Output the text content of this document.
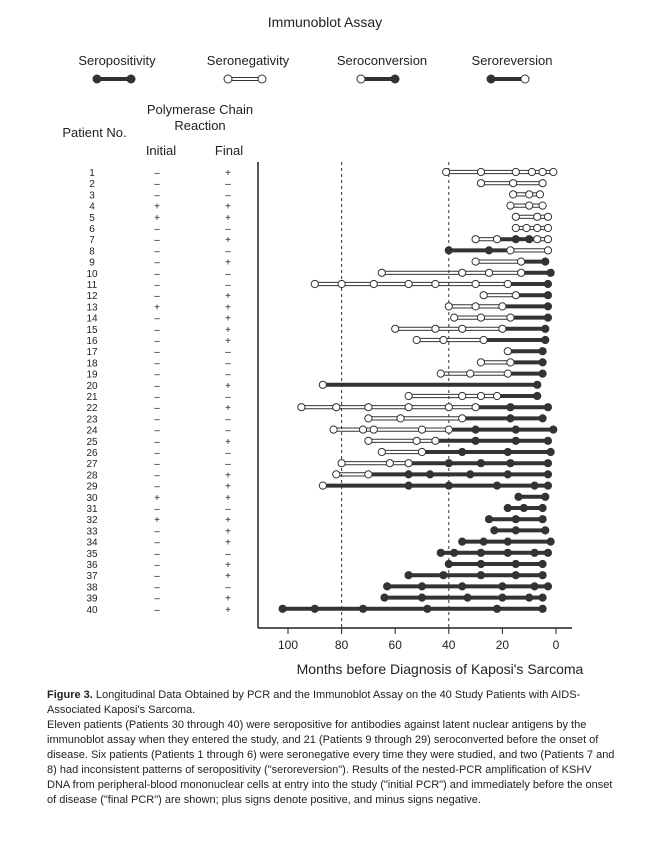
Immunoblot Assay
Seropositivity	Seronegativity	Seroconversion	Seroreversion
Polymerase Chain Reaction
Patient No.
Initial	Final
100	80	60	40	20	0
1	–	+
2	–	–
3	–	–
4	+	+
5	+	+
6	–	–
7	–	+
8	–	–
9	–	+
10	–	–
11	–	–
12	–	+
13	+	+
14	–	+
15	–	+
16	–	+
17	–	–
18	–	–
19	–	–
20	–	+
21	–	–
22	–	+
23	–	–
24	–	–
25	–	+
26	–	–
27	–	–
28	–	+
29	–	+
30	+	+
31	–	–
32	+	+
33	–	+
34	–	+
35	–	–
36	–	+
37	–	+
38	–	–
39	–	+
40	–	+
Months before Diagnosis of Kaposi's Sarcoma

Figure 3. Longitudinal Data Obtained by PCR and the Immunoblot Assay on the 40 Study Patients with AIDS-Associated Kaposi's Sarcoma.

Eleven patients (Patients 30 through 40) were seropositive for antibodies against latent nuclear antigens by the immunoblot assay when they entered the study, and 21 (Patients 9 through 29) seroconverted before the onset of disease. Six patients (Patients 1 through 6) were seronegative every time they were studied, and two (Patients 7 and 8) had inconsistent patterns of seropositivity ("seroreversion"). Results of the nested-PCR amplification of KSHV DNA from peripheral-blood mononuclear cells at entry into the study ("initial PCR") and immediately before the onset of disease ("final PCR") are shown; plus signs denote positive, and minus signs negative.
